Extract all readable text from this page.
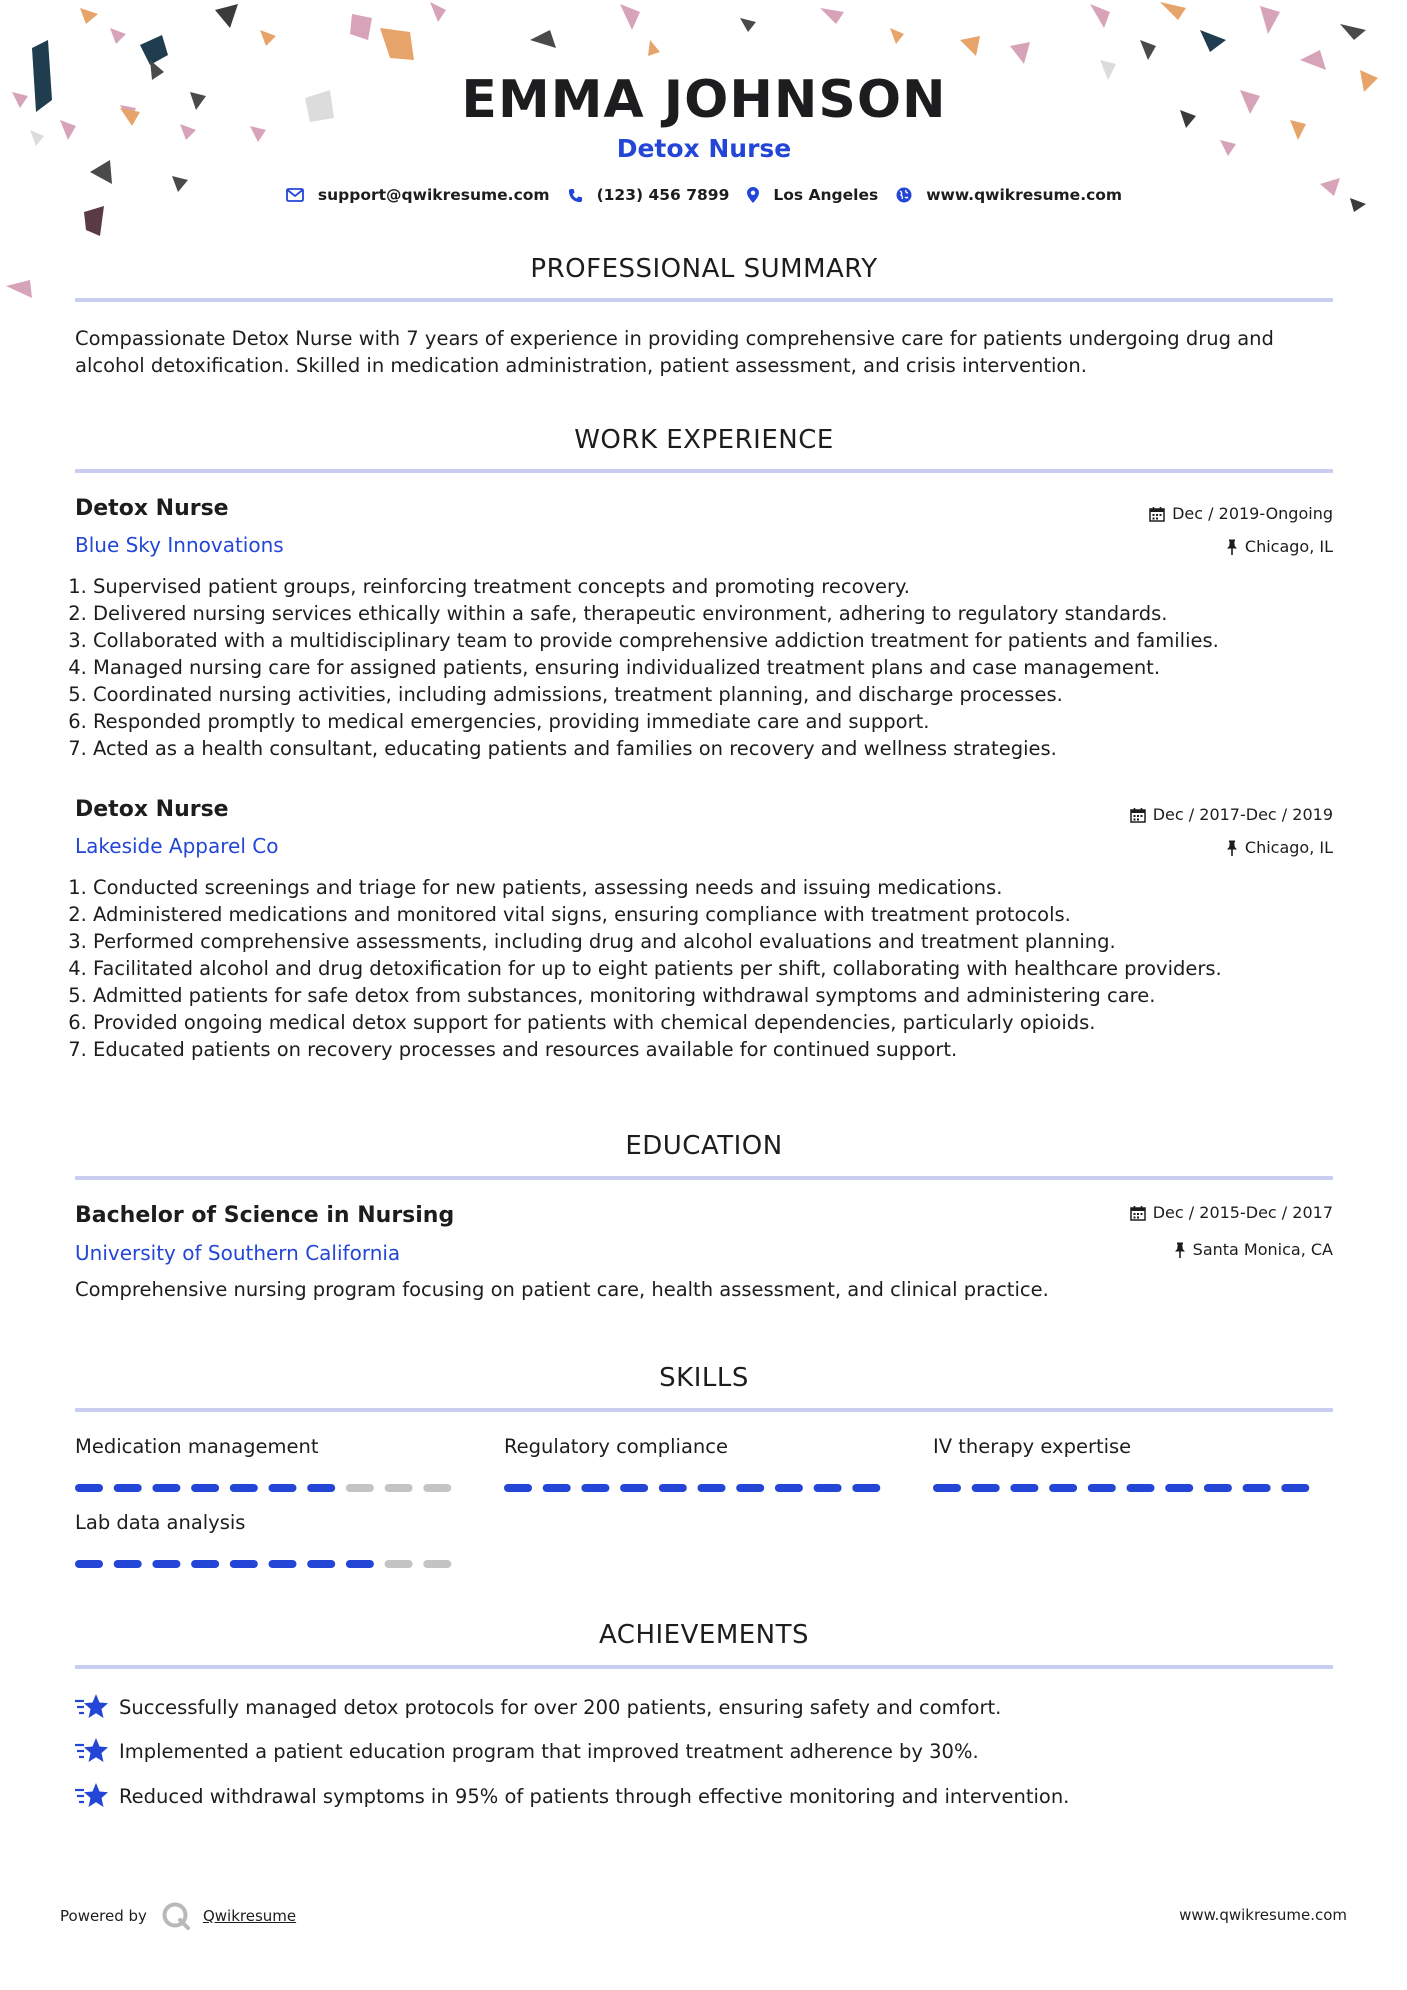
EMMA JOHNSON
Detox Nurse
support@qwikresume.com	(123) 456 7899	Los Angeles	www.qwikresume.com
PROFESSIONAL SUMMARY
Compassionate Detox Nurse with 7 years of experience in providing comprehensive care for patients undergoing drug and alcohol detoxification. Skilled in medication administration, patient assessment, and crisis intervention.
WORK EXPERIENCE
Detox Nurse	Dec / 2019-Ongoing
Blue Sky Innovations	Chicago, IL
1. Supervised patient groups, reinforcing treatment concepts and promoting recovery.
2. Delivered nursing services ethically within a safe, therapeutic environment, adhering to regulatory standards.
3. Collaborated with a multidisciplinary team to provide comprehensive addiction treatment for patients and families.
4. Managed nursing care for assigned patients, ensuring individualized treatment plans and case management.
5. Coordinated nursing activities, including admissions, treatment planning, and discharge processes.
6. Responded promptly to medical emergencies, providing immediate care and support.
7. Acted as a health consultant, educating patients and families on recovery and wellness strategies.
Detox Nurse	Dec / 2017-Dec / 2019
Lakeside Apparel Co	Chicago, IL
1. Conducted screenings and triage for new patients, assessing needs and issuing medications.
2. Administered medications and monitored vital signs, ensuring compliance with treatment protocols.
3. Performed comprehensive assessments, including drug and alcohol evaluations and treatment planning.
4. Facilitated alcohol and drug detoxification for up to eight patients per shift, collaborating with healthcare providers.
5. Admitted patients for safe detox from substances, monitoring withdrawal symptoms and administering care.
6. Provided ongoing medical detox support for patients with chemical dependencies, particularly opioids.
7. Educated patients on recovery processes and resources available for continued support.
EDUCATION
Bachelor of Science in Nursing	Dec / 2015-Dec / 2017
University of Southern California	Santa Monica, CA
Comprehensive nursing program focusing on patient care, health assessment, and clinical practice.
SKILLS
Medication management	Regulatory compliance	IV therapy expertise
Lab data analysis
ACHIEVEMENTS
Successfully managed detox protocols for over 200 patients, ensuring safety and comfort.
Implemented a patient education program that improved treatment adherence by 30%.
Reduced withdrawal symptoms in 95% of patients through effective monitoring and intervention.
Powered by	Qwikresume	www.qwikresume.com
